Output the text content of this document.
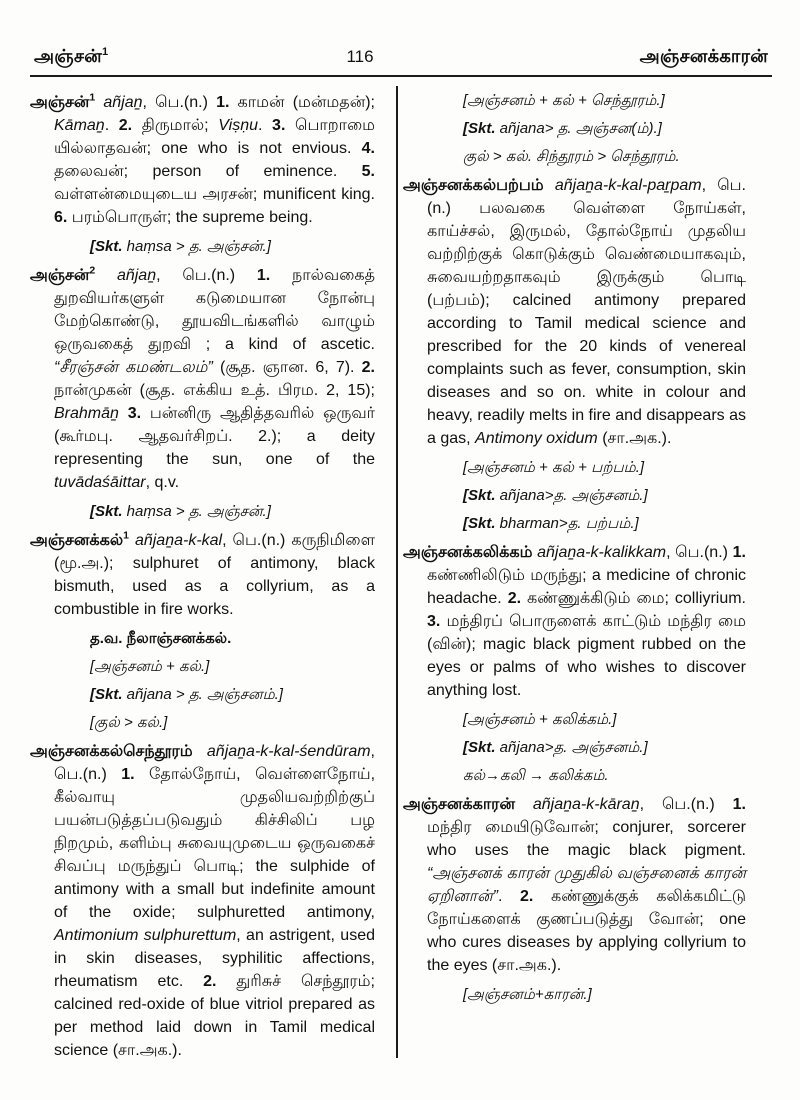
அஞ்சன்$^1$	116	அஞ்சனக்காரன்

அஞ்சன்$^1$ añjaṉ, பெ.(n.) 1. காமன் (மன்மதன்); Kāmaṉ. 2. திருமால்; Viṣṇu. 3. பொறாமை யில்லாதவன்; one who is not envious. 4. தலைவன்; person of eminence. 5. வள்ளன்மையுடைய அரசன்; munificent king. 6. பரம்பொருள்; the supreme being.

[Skt. haṃsa > த. அஞ்சன்.]

அஞ்சன்$^2$ añjaṉ, பெ.(n.) 1. நால்வகைத் துறவியர்களுள் கடுமையான நோன்பு மேற்கொண்டு, தூயவிடங்களில் வாழும் ஒருவகைத் துறவி ; a kind of ascetic. “சீரஞ்சன் கமண்டலம்” (சூத. ஞான. 6, 7). 2. நான்முகன் (சூத. எக்கிய உத். பிரம. 2, 15); Brahmāṉ 3. பன்னிரு ஆதித்தவரில் ஒருவர் (கூர்மபு. ஆதவர்சிறப். 2.); a deity representing the sun, one of the tuvādaśāittar, q.v.

[Skt. haṃsa > த. அஞ்சன்.]

அஞ்சனக்கல்$^1$ añjaṉa-k-kal, பெ.(n.) கருநிமிளை (மூ.அ.); sulphuret of antimony, black bismuth, used as a collyrium, as a combustible in fire works.

த.வ. நீலாஞ்சனக்கல்.

[அஞ்சனம் + கல்.]

[Skt. añjana > த. அஞ்சனம்.]

[குல் > கல்.]

அஞ்சனக்கல்செந்தூரம் añjaṉa-k-kal-śendūram, பெ.(n.) 1. தோல்நோய், வெள்ளைநோய், கீல்வாயு முதலியவற்றிற்குப் பயன்படுத்தப்படுவதும் கிச்சிலிப் பழ நிறமும், களிம்பு சுவையுமுடைய ஒருவகைச் சிவப்பு மருந்துப் பொடி; the sulphide of antimony with a small but indefinite amount of the oxide; sulphuretted antimony, Antimonium sulphurettum, an astrigent, used in skin diseases, syphilitic affections, rheumatism etc. 2. துரிசுச் செந்தூரம்; calcined red-oxide of blue vitriol prepared as per method laid down in Tamil medical science (சா.அக.).

[அஞ்சனம் + கல் + செந்தூரம்.]

[Skt. añjana> த. அஞ்சன(ம்).]

குல் > கல். சிந்தூரம் > செந்தூரம்.

அஞ்சனக்கல்பற்பம் añjaṉa-k-kal-paṟpam, பெ.(n.) பலவகை வெள்ளை நோய்கள், காய்ச்சல், இருமல், தோல்நோய் முதலிய வற்றிற்குக் கொடுக்கும் வெண்மையாகவும், சுவையற்றதாகவும் இருக்கும் பொடி (பற்பம்); calcined antimony prepared according to Tamil medical science and prescribed for the 20 kinds of venereal complaints such as fever, consumption, skin diseases and so on. white in colour and heavy, readily melts in fire and disappears as a gas, Antimony oxidum (சா.அக.).

[அஞ்சனம் + கல் + பற்பம்.]

[Skt. añjana>த. அஞ்சனம்.]

[Skt. bharman>த. பற்பம்.]

அஞ்சனக்கலிக்கம் añjaṉa-k-kalikkam, பெ.(n.) 1. கண்ணிலிடும் மருந்து; a medicine of chronic headache. 2. கண்ணுக்கிடும் மை; colliyrium. 3. மந்திரப் பொருளைக் காட்டும் மந்திர மை (வின்); magic black pigment rubbed on the eyes or palms of who wishes to discover anything lost.

[அஞ்சனம் + கலிக்கம்.]

[Skt. añjana>த. அஞ்சனம்.]

கல்→கலி → கலிக்கம்.

அஞ்சனக்காரன் añjaṉa-k-kāraṉ, பெ.(n.) 1. மந்திர மையிடுவோன்; conjurer, sorcerer who uses the magic black pigment. “அஞ்சனக் காரன் முதுகில் வஞ்சனைக் காரன் ஏறினான்”. 2. கண்ணுக்குக் கலிக்கமிட்டு நோய்களைக் குணப்படுத்து வோன்; one who cures diseases by applying collyrium to the eyes (சா.அக.).

[அஞ்சனம்+காரன்.]
